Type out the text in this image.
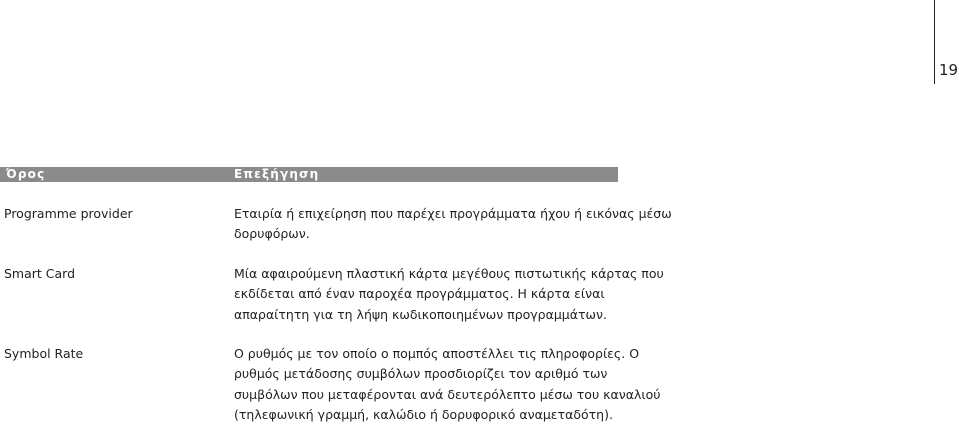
19
Όρος	Επεξήγηση
Programme provider	Εταιρία ή επιχείρηση που παρέχει προγράμματα ήχου ή εικόνας μέσω
δορυφόρων.
Smart Card	Μία αφαιρούμενη πλαστική κάρτα μεγέθους πιστωτικής κάρτας που
εκδίδεται από έναν παροχέα προγράμματος. Η κάρτα είναι
απαραίτητη για τη λήψη κωδικοποιημένων προγραμμάτων.
Symbol Rate	Ο ρυθμός με τον οποίο ο πομπός αποστέλλει τις πληροφορίες. Ο
ρυθμός μετάδοσης συμβόλων προσδιορίζει τον αριθμό των
συμβόλων που μεταφέρονται ανά δευτερόλεπτο μέσω του καναλιού
(τηλεφωνική γραμμή, καλώδιο ή δορυφορικό αναμεταδότη).
